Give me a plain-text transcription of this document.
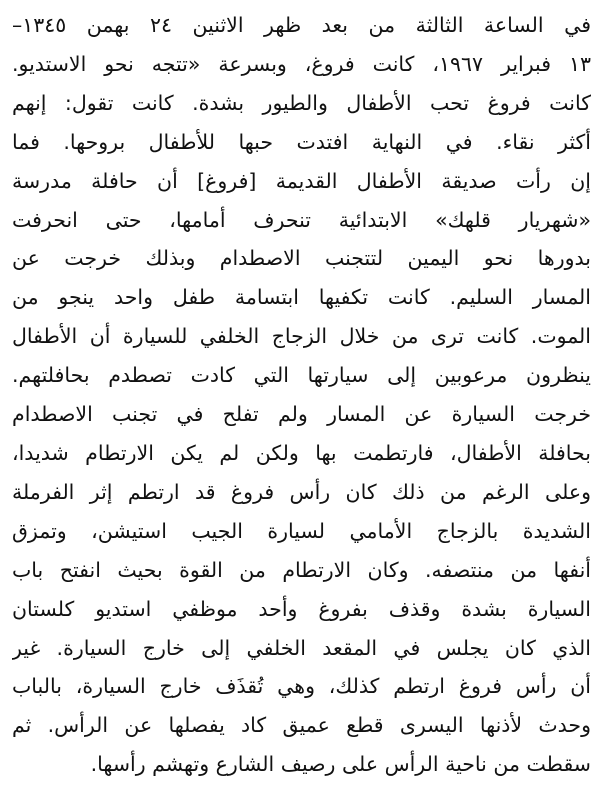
في الساعة الثالثة من بعد ظهر الاثنين ٢٤ بهمن ١٣٤٥–
١٣ فبراير ١٩٦٧، كانت فروغ، وبسرعة «تتجه نحو الاستديو.
كانت فروغ تحب الأطفال والطيور بشدة. كانت تقول: إنهم
أكثر نقاء. في النهاية افتدت حبها للأطفال بروحها. فما
إن رأت صديقة الأطفال القديمة [فروغ] أن حافلة مدرسة
«شهريار قلهك» الابتدائية تنحرف أمامها، حتى انحرفت
بدورها نحو اليمين لتتجنب الاصطدام وبذلك خرجت عن
المسار السليم. كانت تكفيها ابتسامة طفل واحد ينجو من
الموت. كانت ترى من خلال الزجاج الخلفي للسيارة أن الأطفال
ينظرون مرعوبين إلى سيارتها التي كادت تصطدم بحافلتهم.
خرجت السيارة عن المسار ولم تفلح في تجنب الاصطدام
بحافلة الأطفال، فارتطمت بها ولكن لم يكن الارتطام شديدا،
وعلى الرغم من ذلك كان رأس فروغ قد ارتطم إثر الفرملة
الشديدة بالزجاج الأمامي لسيارة الجيب استيشن، وتمزق
أنفها من منتصفه. وكان الارتطام من القوة بحيث انفتح باب
السيارة بشدة وقذف بفروغ وأحد موظفي استديو كلستان
الذي كان يجلس في المقعد الخلفي إلى خارج السيارة. غير
أن رأس فروغ ارتطم كذلك، وهي تُقذَف خارج السيارة، بالباب
وحدث لأذنها اليسرى قطع عميق كاد يفصلها عن الرأس. ثم
سقطت من ناحية الرأس على رصيف الشارع وتهشم رأسها.
